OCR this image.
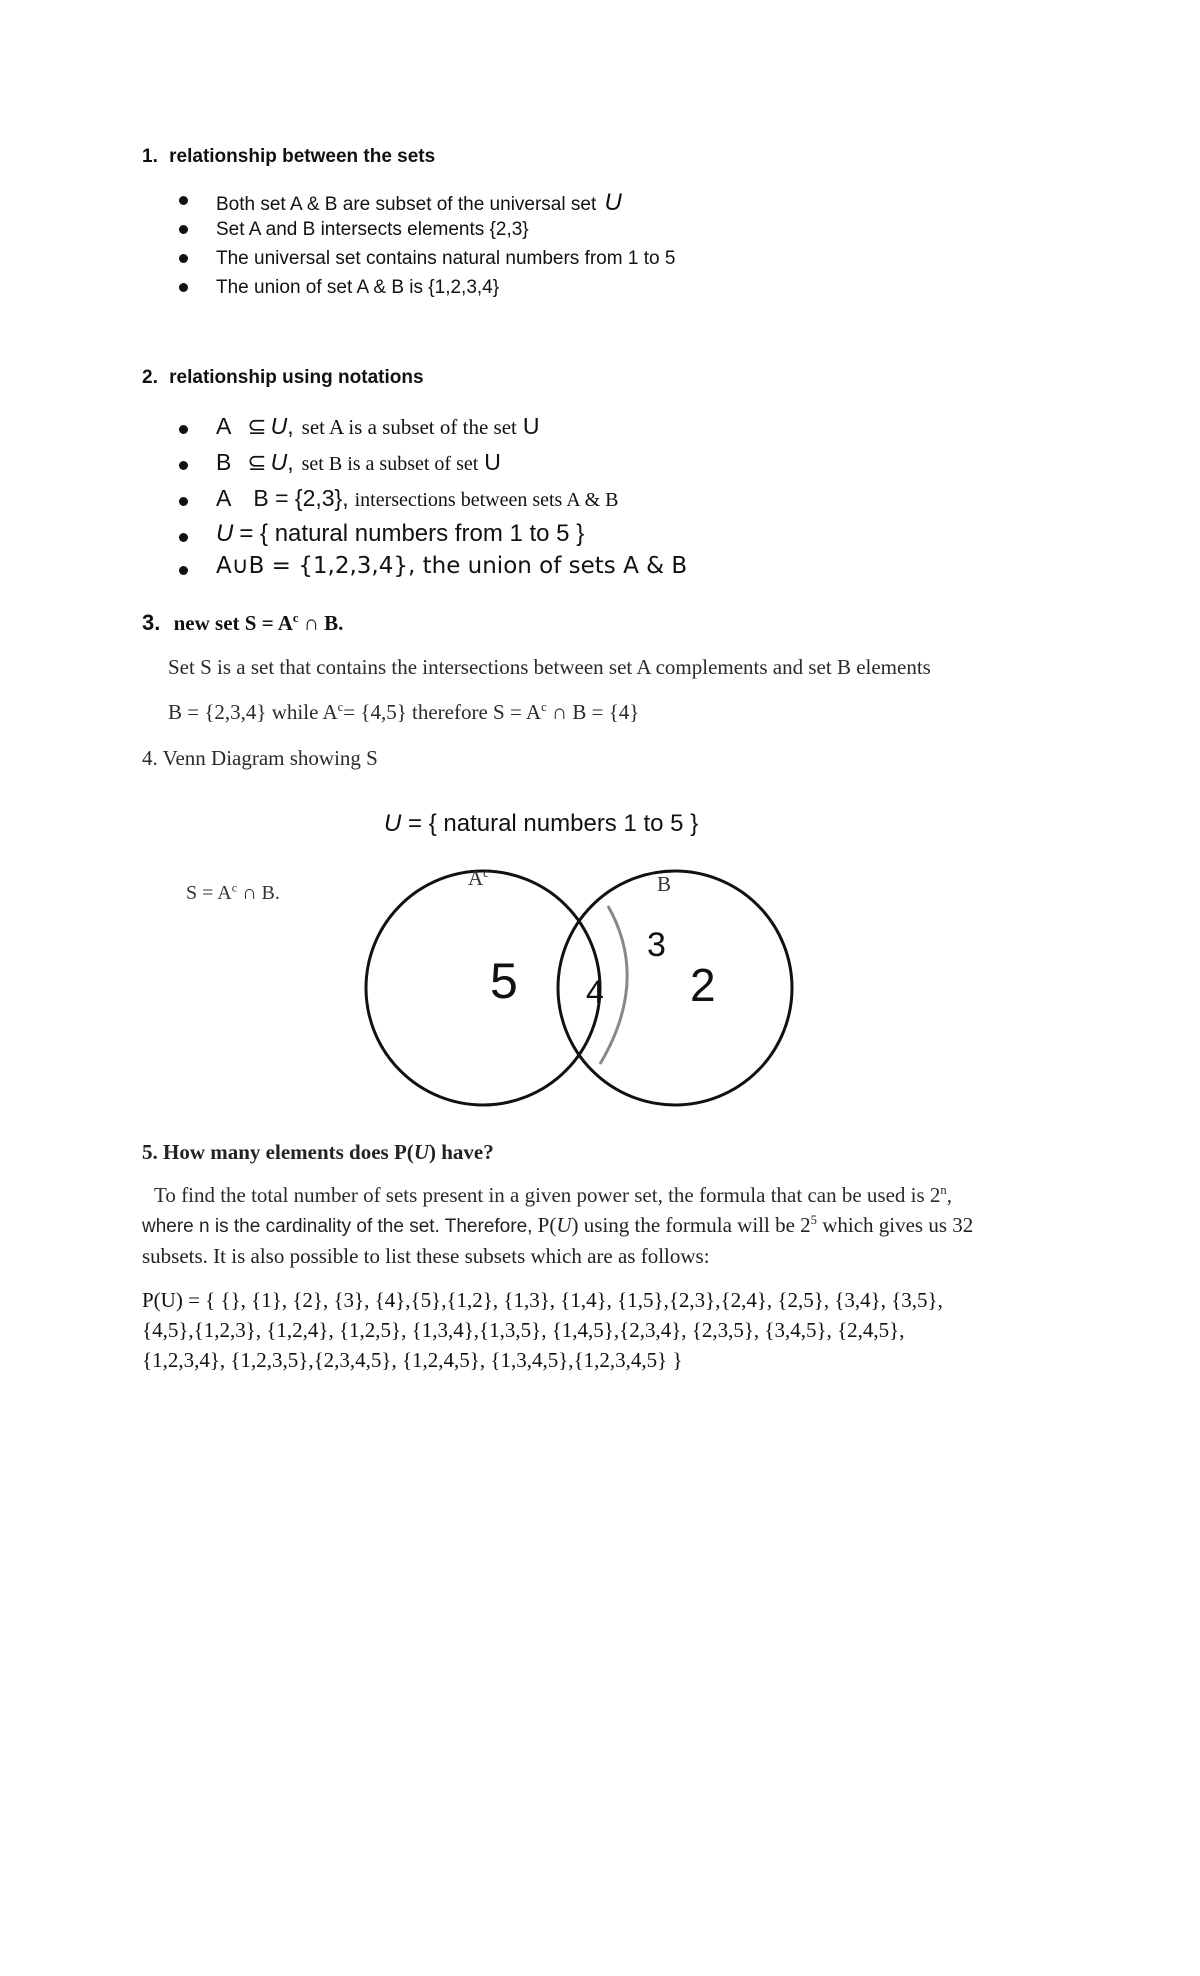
1. relationship between the sets
Both set A & B are subset of the universal set U
Set A and B intersects elements {2,3}
The universal set contains natural numbers from 1 to 5
The union of set A & B is {1,2,3,4}
2. relationship using notations
A ⊆ U, set A is a subset of the set U
B ⊆ U, set B is a subset of set U
A B = {2,3}, intersections between sets A & B
U = { natural numbers from 1 to 5 }
A∪B = {1,2,3,4}, the union of sets A & B
3. new set $S = A^c$ ∩ B.
Set S is a set that contains the intersections between set A complements and set B elements
B = {2,3,4} while $A^c= \{4,5\}$ therefore $S = A^c$ ∩ B = {4}
4. Venn Diagram showing S
U = { natural numbers 1 to 5 }
$S = A^c$ ∩ B.
$A^c$	B
5 4
3
2
5. How many elements does P(U) have?
To find the total number of sets present in a given power set, the formula that can be used is 2$^n$,
where n is the cardinality of the set. Therefore, P(U) using the formula will be $2^5$ which gives us 32
subsets. It is also possible to list these subsets which are as follows:
P(U) = { {}, {1}, {2}, {3}, {4},{5},{1,2}, {1,3}, {1,4}, {1,5},{2,3},{2,4}, {2,5}, {3,4}, {3,5},
{4,5},{1,2,3}, {1,2,4}, {1,2,5}, {1,3,4},{1,3,5}, {1,4,5},{2,3,4}, {2,3,5}, {3,4,5}, {2,4,5},
{1,2,3,4}, {1,2,3,5},{2,3,4,5}, {1,2,4,5}, {1,3,4,5},{1,2,3,4,5} }
